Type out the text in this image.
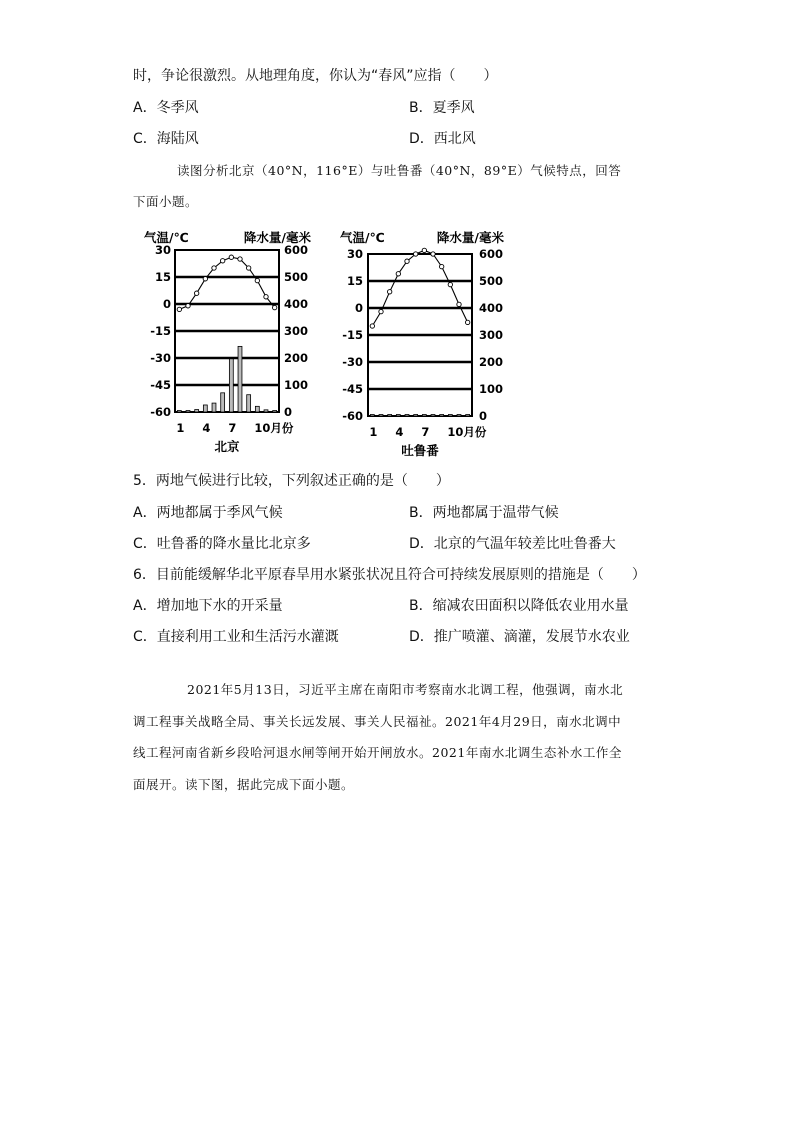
时，争论很激烈。从地理角度，你认为“春风”应指（　　）
A．冬季风	B．夏季风
C．海陆风	D．西北风
读图分析北京（40°N，116°E）与吐鲁番（40°N，89°E）气候特点，回答
下面小题。
气温/℃	降水量/毫米
30	600
15	500
0	400
-15	300
-30	200
-45	100
-60	0
1 4 7 10月份
北京
气温/℃	降水量/毫米
30	600
15	500
0	400
-15	300
-30	200
-45	100
-60	0
1 4 7 10月份
吐鲁番
5．两地气候进行比较，下列叙述正确的是（　　）
A．两地都属于季风气候	B．两地都属于温带气候
C．吐鲁番的降水量比北京多	D．北京的气温年较差比吐鲁番大
6．目前能缓解华北平原春旱用水紧张状况且符合可持续发展原则的措施是（　　）
A．增加地下水的开采量	B．缩减农田面积以降低农业用水量
C．直接利用工业和生活污水灌溉	D．推广喷灌、滴灌，发展节水农业
2021年5月13日，习近平主席在南阳市考察南水北调工程，他强调，南水北
调工程事关战略全局、事关长远发展、事关人民福祉。2021年4月29日，南水北调中
线工程河南省新乡段哈河退水闸等闸开始开闸放水。2021年南水北调生态补水工作全
面展开。读下图，据此完成下面小题。
